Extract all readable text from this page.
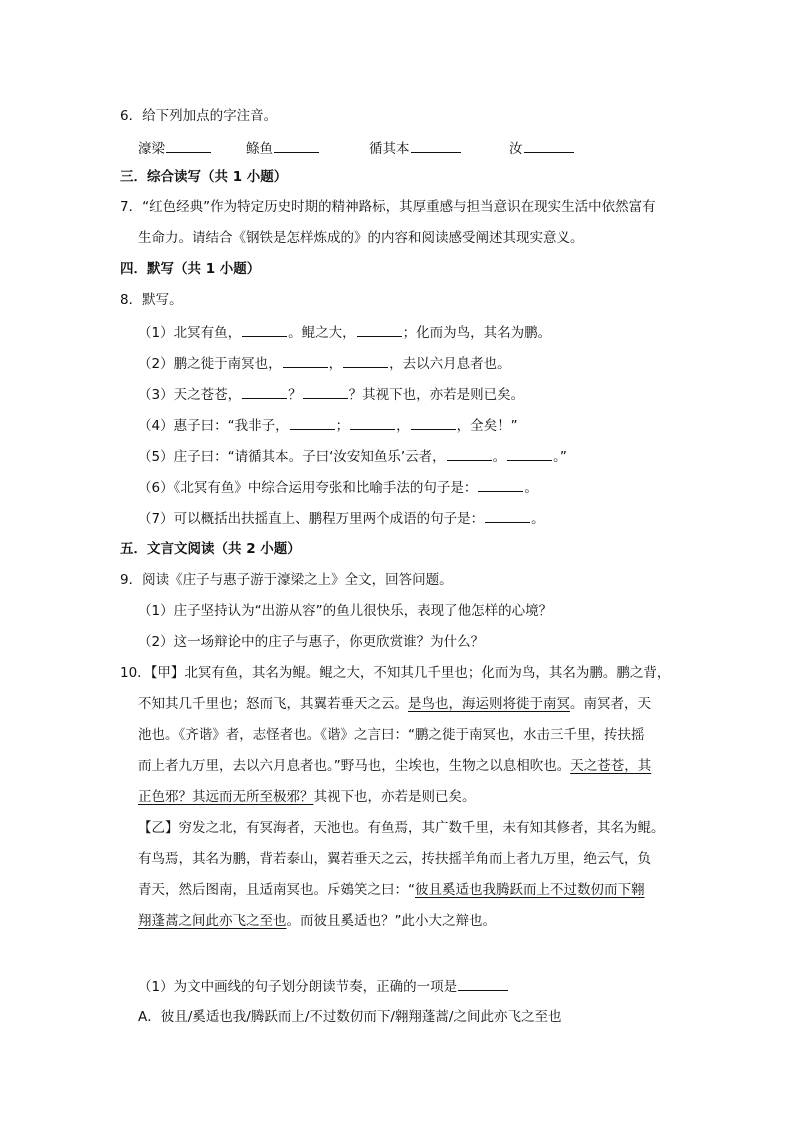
6．给下列加点的字注音。
濠梁	鲦鱼	循其本	汝
三．综合读写（共 1 小题）
7．“红色经典”作为特定历史时期的精神路标，其厚重感与担当意识在现实生活中依然富有
生命力。请结合《钢铁是怎样炼成的》的内容和阅读感受阐述其现实意义。
四．默写（共 1 小题）
8．默写。
（1）北冥有鱼，	。鲲之大，	；化而为鸟，其名为鹏。
（2）鹏之徙于南冥也，	，	，去以六月息者也。
（3）天之苍苍，	？	？其视下也，亦若是则已矣。
（4）惠子曰：“我非子，	；	，	，全矣！”
（5）庄子曰：“请循其本。子曰‘汝安知鱼乐’云者，	。	。”
（6）《北冥有鱼》中综合运用夸张和比喻手法的句子是：	。
（7）可以概括出扶摇直上、鹏程万里两个成语的句子是：	。
五．文言文阅读（共 2 小题）
9．阅读《庄子与惠子游于濠梁之上》全文，回答问题。
（1）庄子坚持认为“出游从容”的鱼儿很快乐，表现了他怎样的心境？
（2）这一场辩论中的庄子与惠子，你更欣赏谁？为什么？
10．【甲】北冥有鱼，其名为鲲。鲲之大，不知其几千里也；化而为鸟，其名为鹏。鹏之背，
不知其几千里也；怒而飞，其翼若垂天之云。是鸟也，海运则将徙于南冥。南冥者，天
池也。《齐谐》者，志怪者也。《谐》之言曰：“鹏之徙于南冥也，水击三千里，抟扶摇
而上者九万里，去以六月息者也。”野马也，尘埃也，生物之以息相吹也。天之苍苍，其
正色邪？其远而无所至极邪？其视下也，亦若是则已矣。
【乙】穷发之北，有冥海者，天池也。有鱼焉，其广数千里，未有知其修者，其名为鲲。
有鸟焉，其名为鹏，背若泰山，翼若垂天之云，抟扶摇羊角而上者九万里，绝云气，负
青天，然后图南，且适南冥也。斥鴳笑之曰：“彼且奚适也我腾跃而上不过数仞而下翱
翔蓬蒿之间此亦飞之至也。而彼且奚适也？”此小大之辩也。
（1）为文中画线的句子划分朗读节奏，正确的一项是
A．彼且/奚适也我/腾跃而上/不过数仞而下/翱翔蓬蒿/之间此亦飞之至也
